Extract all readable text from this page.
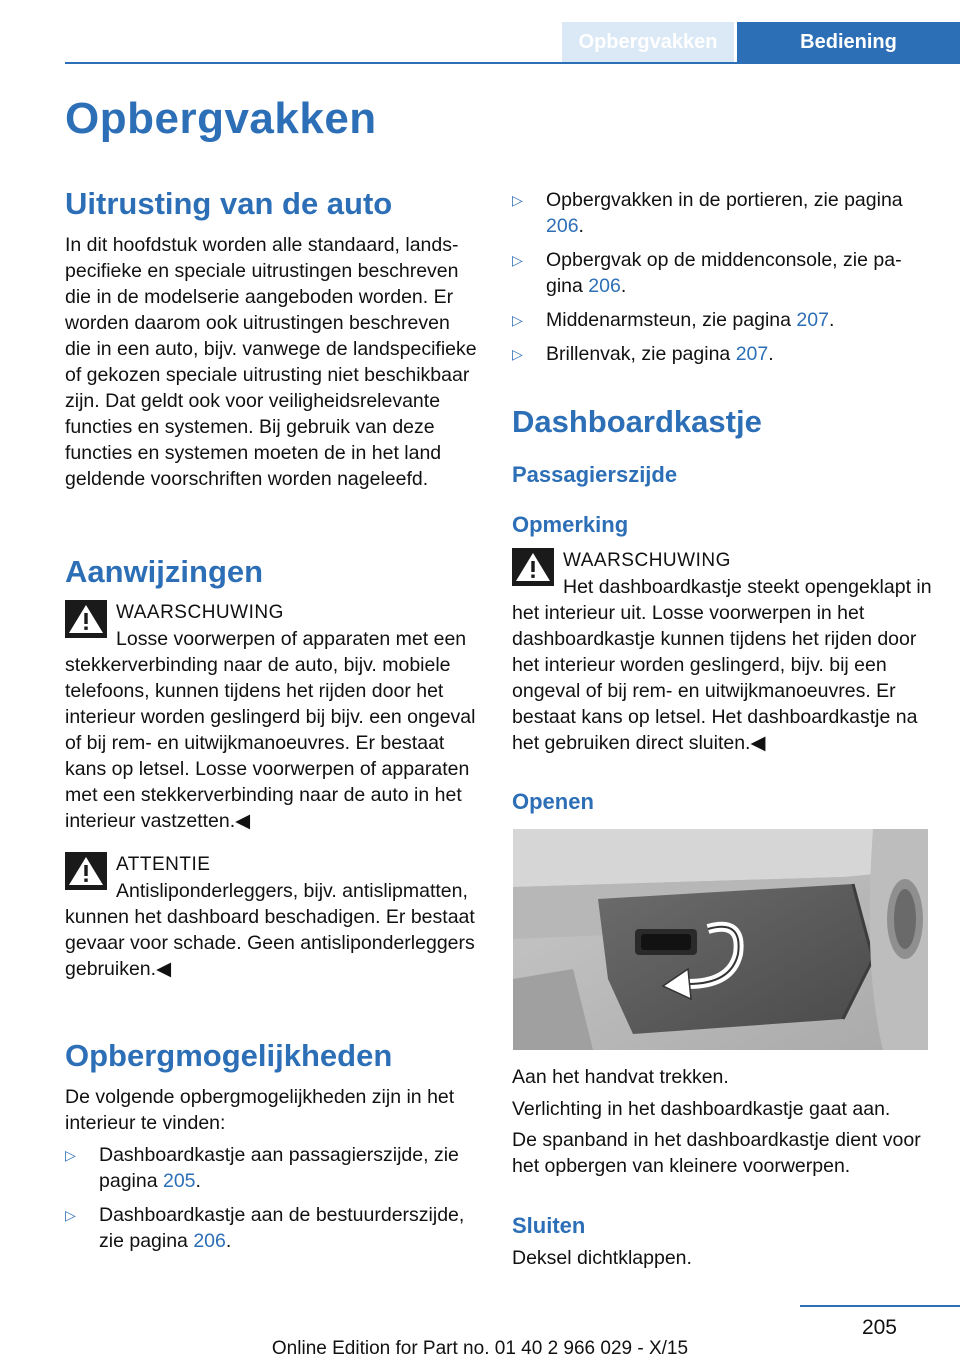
Opbergvakken	Bediening
Opbergvakken
Uitrusting van de auto

In dit hoofdstuk worden alle standaard, landspecifieke en speciale uitrustingen beschreven die in de modelserie aangeboden worden. Er worden daarom ook uitrustingen beschreven die in een auto, bijv. vanwege de landspecifieke of gekozen speciale uitrusting niet beschikbaar zijn. Dat geldt ook voor veiligheidsrelevante functies en systemen. Bij gebruik van deze functies en systemen moeten de in het land geldende voorschriften worden nageleefd.

Aanwijzingen
WAARSCHUWING
Losse voorwerpen of apparaten met een stekkerverbinding naar de auto, bijv. mobiele telefoons, kunnen tijdens het rijden door het interieur worden geslingerd bij bijv. een ongeval of bij rem- en uitwijkmanoeuvres. Er bestaat kans op letsel. Losse voorwerpen of apparaten met een stekkerverbinding naar de auto in het interieur vastzetten.◀
ATTENTIE
Antisliponderleggers, bijv. antislipmatten, kunnen het dashboard beschadigen. Er bestaat gevaar voor schade. Geen antisliponderleggers gebruiken.◀
Opbergmogelijkheden

De volgende opbergmogelijkheden zijn in het interieur te vinden:

▷ Dashboardkastje aan passagierszijde, zie pagina 205.
▷ Dashboardkastje aan de bestuurderszijde, zie pagina 206.
▷ Opbergvakken in de portieren, zie pagina 206.
▷ Opbergvak op de middenconsole, zie pagina 206.
▷ Middenarmsteun, zie pagina 207.
▷ Brillenvak, zie pagina 207.
Dashboardkastje
Passagierszijde
Opmerking
WAARSCHUWING
Het dashboardkastje steekt opengeklapt in het interieur uit. Losse voorwerpen in het dashboardkastje kunnen tijdens het rijden door het interieur worden geslingerd, bijv. bij een ongeval of bij rem- en uitwijkmanoeuvres. Er bestaat kans op letsel. Het dashboardkastje na het gebruiken direct sluiten.◀
Openen

Aan het handvat trekken.

Verlichting in het dashboardkastje gaat aan.

De spanband in het dashboardkastje dient voor het opbergen van kleinere voorwerpen.

Sluiten

Deksel dichtklappen.

205
Online Edition for Part no. 01 40 2 966 029 - X/15
